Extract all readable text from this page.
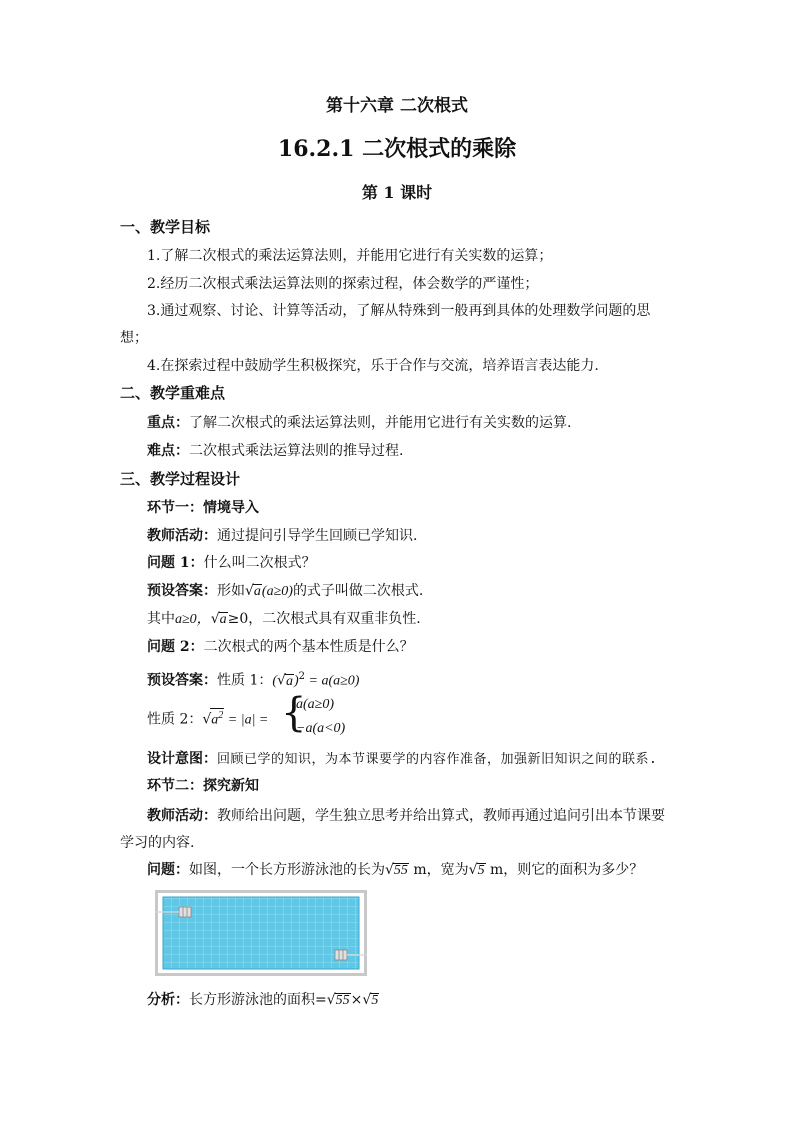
第十六章 二次根式
16.2.1 二次根式的乘除
第 1 课时
一、教学目标
1.了解二次根式的乘法运算法则，并能用它进行有关实数的运算；
2.经历二次根式乘法运算法则的探索过程，体会数学的严谨性；
3.通过观察、讨论、计算等活动，了解从特殊到一般再到具体的处理数学问题的思
想；
4.在探索过程中鼓励学生积极探究，乐于合作与交流，培养语言表达能力.
二、教学重难点
重点：了解二次根式的乘法运算法则，并能用它进行有关实数的运算.
难点：二次根式乘法运算法则的推导过程.
三、教学过程设计
环节一：情境导入
教师活动：通过提问引导学生回顾已学知识.
问题 1：什么叫二次根式？
预设答案：形如√a(a≥0)的式子叫做二次根式.
其中a≥0，√a≥0，二次根式具有双重非负性.
问题 2：二次根式的两个基本性质是什么？
预设答案：性质 1：$(√a)^2 = a(a\ge 0)$
性质 2：$√a^2 = |a|$ = {
a(a≥0)
−a(a<0)
设计意图：回顾已学的知识，为本节课要学的内容作准备，加强新旧知识之间的联系.
环节二：探究新知
教师活动：教师给出问题，学生独立思考并给出算式，教师再通过追问引出本节课要
学习的内容.
问题：如图，一个长方形游泳池的长为√55 m，宽为√5 m，则它的面积为多少？
分析：长方形游泳池的面积=√55×√5
